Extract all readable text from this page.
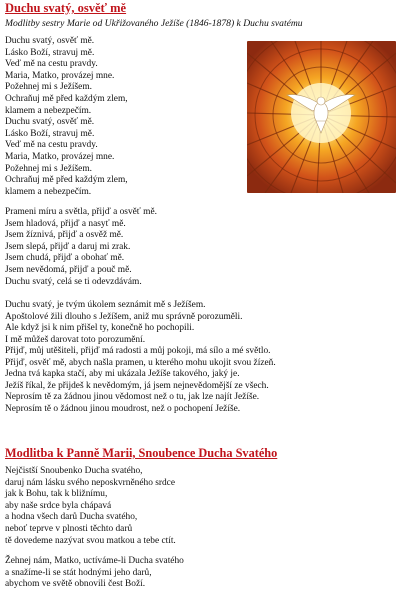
Duchu svatý, osvěť mě
Modlitby sestry Marie od Ukřižovaného Ježíše (1846-1878) k Duchu svatému
Duchu svatý, osvěť mě.
Lásko Boží, stravuj mě.
Veď mě na cestu pravdy.
Maria, Matko, provázej mne.
Požehnej mi s Ježíšem.
Ochraňuj mě před každým zlem,
klamem a nebezpečím.
Duchu svatý, osvěť mě.
Lásko Boží, stravuj mě.
Veď mě na cestu pravdy.
Maria, Matko, provázej mne.
Požehnej mi s Ježíšem.
Ochraňuj mě před každým zlem,
klamem a nebezpečím.
Prameni míru a světla, přijď a osvěť mě.
Jsem hladová, přijď a nasyť mě.
Jsem žíznivá, přijď a osvěž mě.
Jsem slepá, přijď a daruj mi zrak.
Jsem chudá, přijď a obohať mě.
Jsem nevědomá, přijď a pouč mě.
Duchu svatý, celá se ti odevzdávám.
Duchu svatý, je tvým úkolem seznámit mě s Ježíšem.
Apoštolové žili dlouho s Ježíšem, aniž mu správně porozuměli.
Ale když jsi k nim přišel ty, konečně ho pochopili.
I mě můžeš darovat toto porozumění.
Přijď, můj utěšiteli, přijď má radosti a můj pokoji, má sílo a mé světlo.
Přijď, osvěť mě, abych našla pramen, u kterého mohu ukojit svou žízeň.
Jedna tvá kapka stačí, aby mi ukázala Ježíše takového, jaký je.
Ježíš říkal, že přijdeš k nevědomým, já jsem nejnevědomější ze všech.
Neprosím tě za žádnou jinou vědomost než o tu, jak lze najít Ježíše.
Neprosím tě o žádnou jinou moudrost, než o pochopení Ježíše.
Modlitba k Panně Marii, Snoubence Ducha Svatého
Nejčistší Snoubenko Ducha svatého,
daruj nám lásku svého neposkvrněného srdce
jak k Bohu, tak k bližnímu,
aby naše srdce byla chápavá
a hodna všech darů Ducha svatého,
neboť teprve v plnosti těchto darů
tě dovedeme nazývat svou matkou a tebe ctít.
Žehnej nám, Matko, uctíváme-li Ducha svatého
a snažíme-li se stát hodnými jeho darů,
abychom ve světě obnovili čest Boží.
